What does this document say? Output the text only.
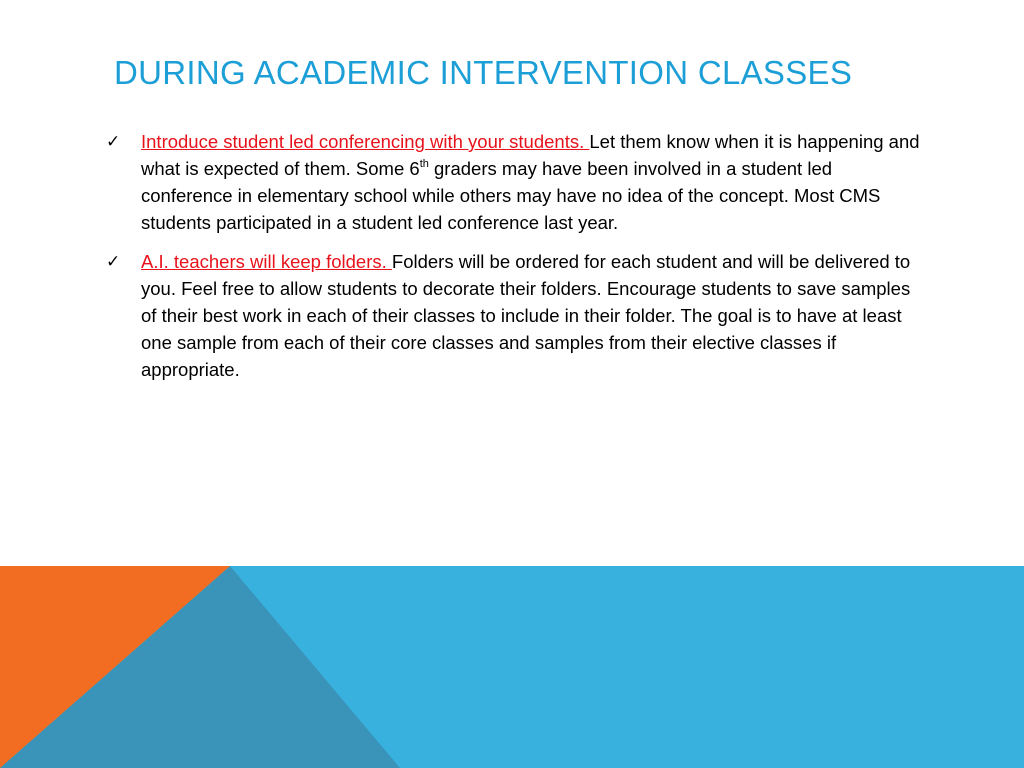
DURING ACADEMIC INTERVENTION CLASSES
✓ Introduce student led conferencing with your students. Let them know when it is happening and what is expected of them. Some 6th graders may have been involved in a student led conference in elementary school while others may have no idea of the concept. Most CMS students participated in a student led conference last year.
✓ A.I. teachers will keep folders. Folders will be ordered for each student and will be delivered to you. Feel free to allow students to decorate their folders. Encourage students to save samples of their best work in each of their classes to include in their folder. The goal is to have at least one sample from each of their core classes and samples from their elective classes if appropriate.
